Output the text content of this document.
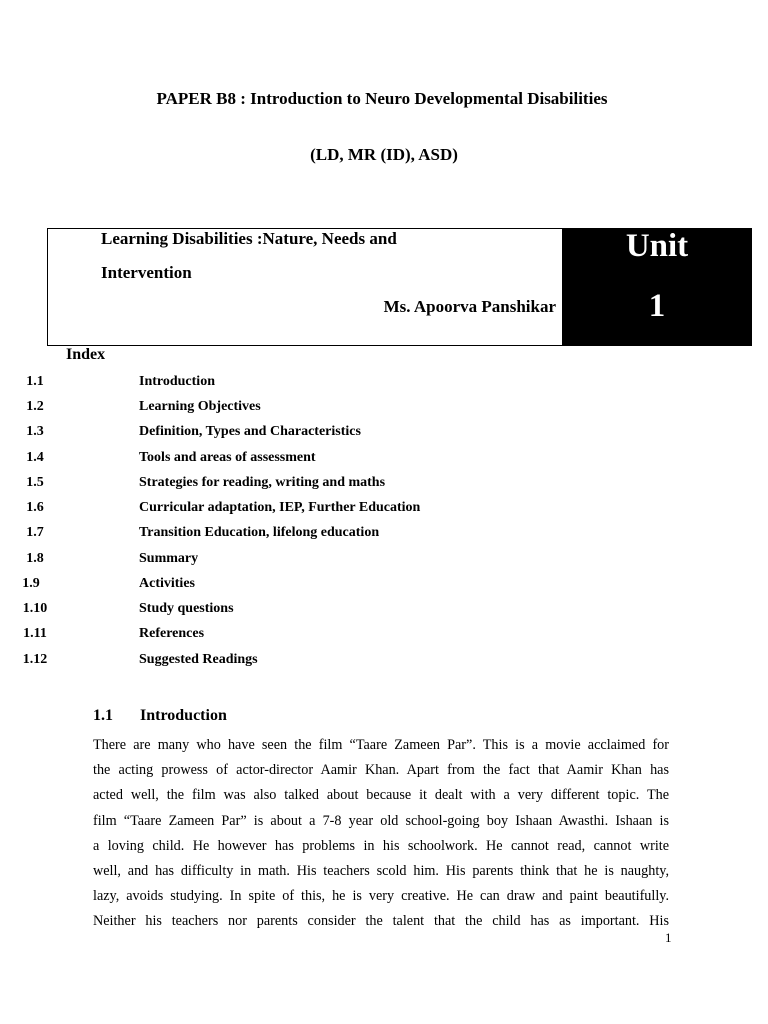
PAPER B8 : Introduction to Neuro Developmental Disabilities
(LD, MR (ID), ASD)
Learning Disabilities :Nature, Needs and
Intervention
Ms. Apoorva Panshikar
Unit
1
Index
1.1	Introduction
1.2	Learning Objectives
1.3	Definition, Types and Characteristics
1.4	Tools and areas of assessment
1.5	Strategies for reading, writing and maths
1.6	Curricular adaptation, IEP, Further Education
1.7	Transition Education, lifelong education
1.8	Summary
1.9	Activities
1.10	Study questions
1.11	References
1.12	Suggested Readings
1.1 Introduction
There are many who have seen the film “Taare Zameen Par”. This is a movie acclaimed for
the acting prowess of actor-director Aamir Khan. Apart from the fact that Aamir Khan has
acted well, the film was also talked about because it dealt with a very different topic. The
film “Taare Zameen Par” is about a 7-8 year old school-going boy Ishaan Awasthi. Ishaan is
a loving child. He however has problems in his schoolwork. He cannot read, cannot write
well, and has difficulty in math. His teachers scold him. His parents think that he is naughty,
lazy, avoids studying. In spite of this, he is very creative. He can draw and paint beautifully.
Neither his teachers nor parents consider the talent that the child has as important. His
1
